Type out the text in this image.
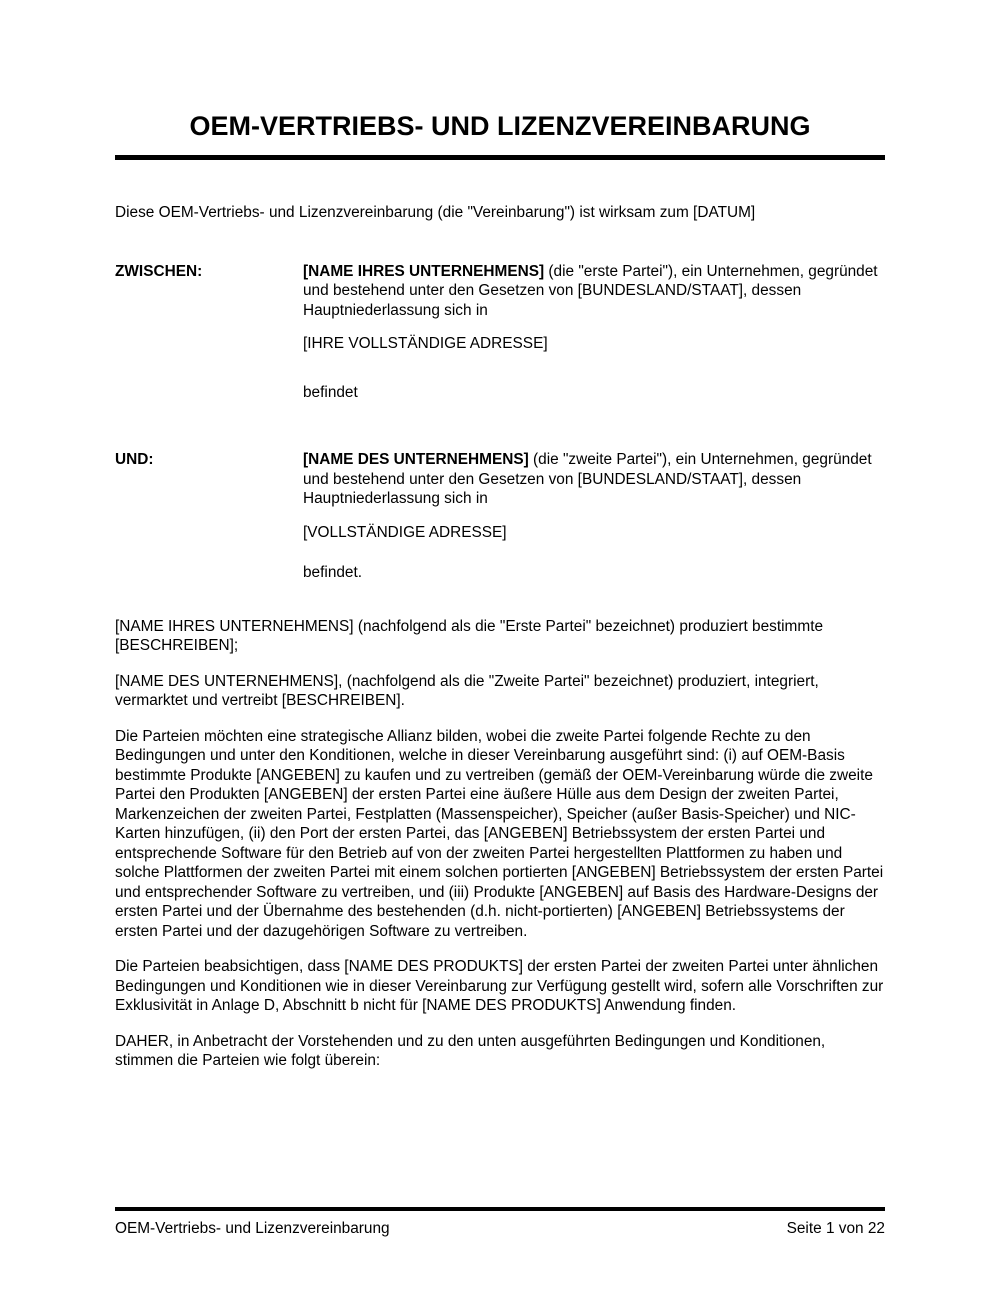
OEM-VERTRIEBS- UND LIZENZVEREINBARUNG
Diese OEM-Vertriebs- und Lizenzvereinbarung (die "Vereinbarung") ist wirksam zum [DATUM]
ZWISCHEN:	[NAME IHRES UNTERNEHMENS] (die "erste Partei"), ein Unternehmen, gegründet und bestehend unter den Gesetzen von [BUNDESLAND/STAAT], dessen Hauptniederlassung sich in
[IHRE VOLLSTÄNDIGE ADRESSE]
befindet
UND:	[NAME DES UNTERNEHMENS] (die "zweite Partei"), ein Unternehmen, gegründet und bestehend unter den Gesetzen von [BUNDESLAND/STAAT], dessen Hauptniederlassung sich in
[VOLLSTÄNDIGE ADRESSE]
befindet.

[NAME IHRES UNTERNEHMENS] (nachfolgend als die "Erste Partei" bezeichnet) produziert bestimmte [BESCHREIBEN];

[NAME DES UNTERNEHMENS], (nachfolgend als die "Zweite Partei" bezeichnet) produziert, integriert, vermarktet und vertreibt [BESCHREIBEN].

Die Parteien möchten eine strategische Allianz bilden, wobei die zweite Partei folgende Rechte zu den Bedingungen und unter den Konditionen, welche in dieser Vereinbarung ausgeführt sind: (i) auf OEM-Basis bestimmte Produkte [ANGEBEN] zu kaufen und zu vertreiben (gemäß der OEM-Vereinbarung würde die zweite Partei den Produkten [ANGEBEN] der ersten Partei eine äußere Hülle aus dem Design der zweiten Partei, Markenzeichen der zweiten Partei, Festplatten (Massenspeicher), Speicher (außer Basis-Speicher) und NIC-Karten hinzufügen, (ii) den Port der ersten Partei, das [ANGEBEN] Betriebssystem der ersten Partei und entsprechende Software für den Betrieb auf von der zweiten Partei hergestellten Plattformen zu haben und solche Plattformen der zweiten Partei mit einem solchen portierten [ANGEBEN] Betriebssystem der ersten Partei und entsprechender Software zu vertreiben, und (iii) Produkte [ANGEBEN] auf Basis des Hardware-Designs der ersten Partei und der Übernahme des bestehenden (d.h. nicht-portierten) [ANGEBEN] Betriebssystems der ersten Partei und der dazugehörigen Software zu vertreiben.

Die Parteien beabsichtigen, dass [NAME DES PRODUKTS] der ersten Partei der zweiten Partei unter ähnlichen Bedingungen und Konditionen wie in dieser Vereinbarung zur Verfügung gestellt wird, sofern alle Vorschriften zur Exklusivität in Anlage D, Abschnitt b nicht für [NAME DES PRODUKTS] Anwendung finden.

DAHER, in Anbetracht der Vorstehenden und zu den unten ausgeführten Bedingungen und Konditionen, stimmen die Parteien wie folgt überein:

OEM-Vertriebs- und Lizenzvereinbarung	Seite 1 von 22
